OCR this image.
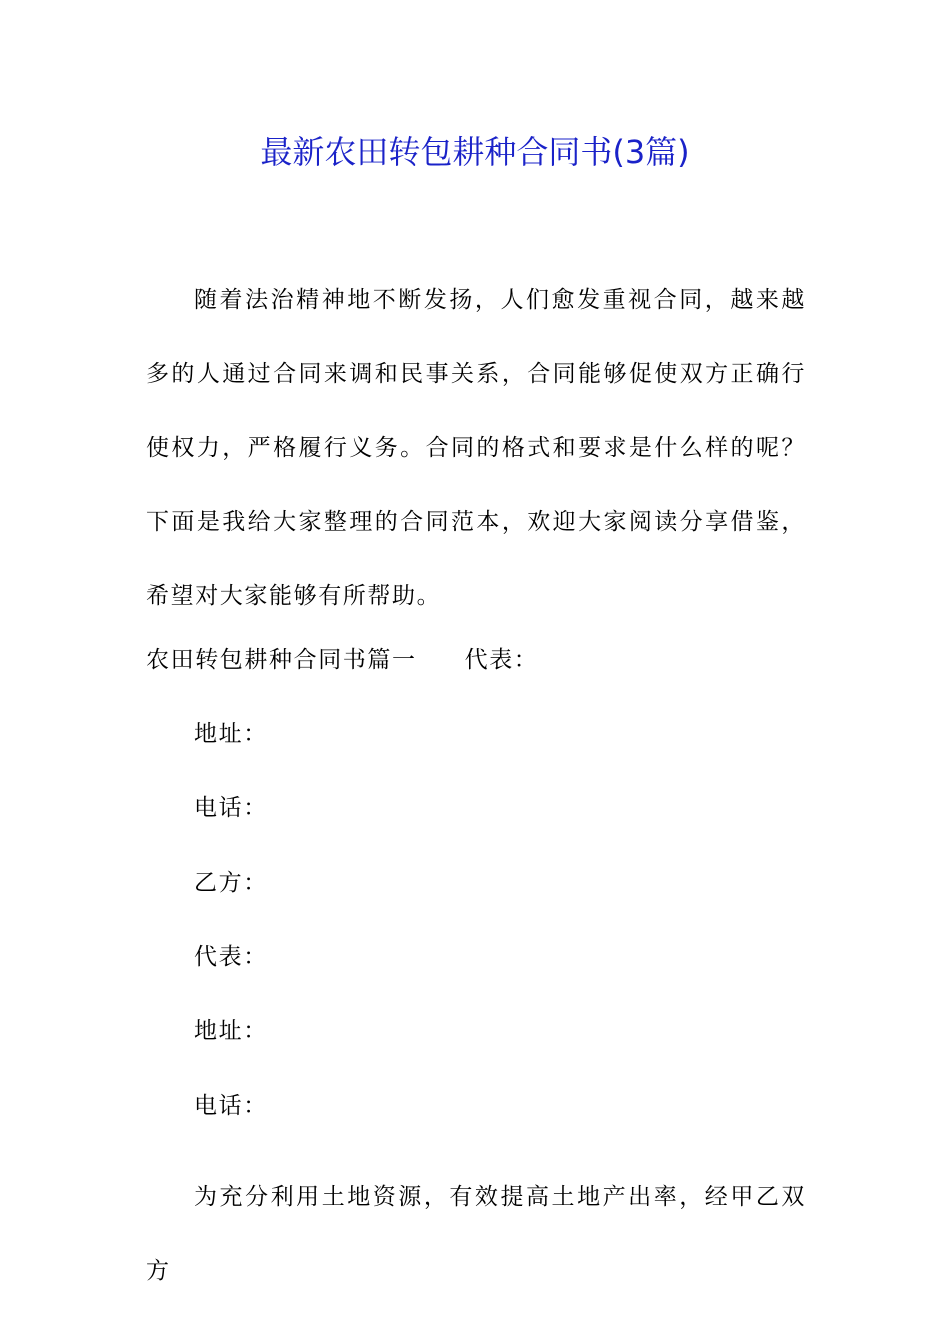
最新农田转包耕种合同书(3篇)

随着法治精神地不断发扬，人们愈发重视合同，越来越多的人通过合同来调和民事关系，合同能够促使双方正确行使权力，严格履行义务。合同的格式和要求是什么样的呢？下面是我给大家整理的合同范本，欢迎大家阅读分享借鉴，希望对大家能够有所帮助。

农田转包耕种合同书篇一 代表：
地址：
电话：
乙方：
代表：
地址：
电话：

为充分利用土地资源，有效提高土地产出率，经甲乙双方
